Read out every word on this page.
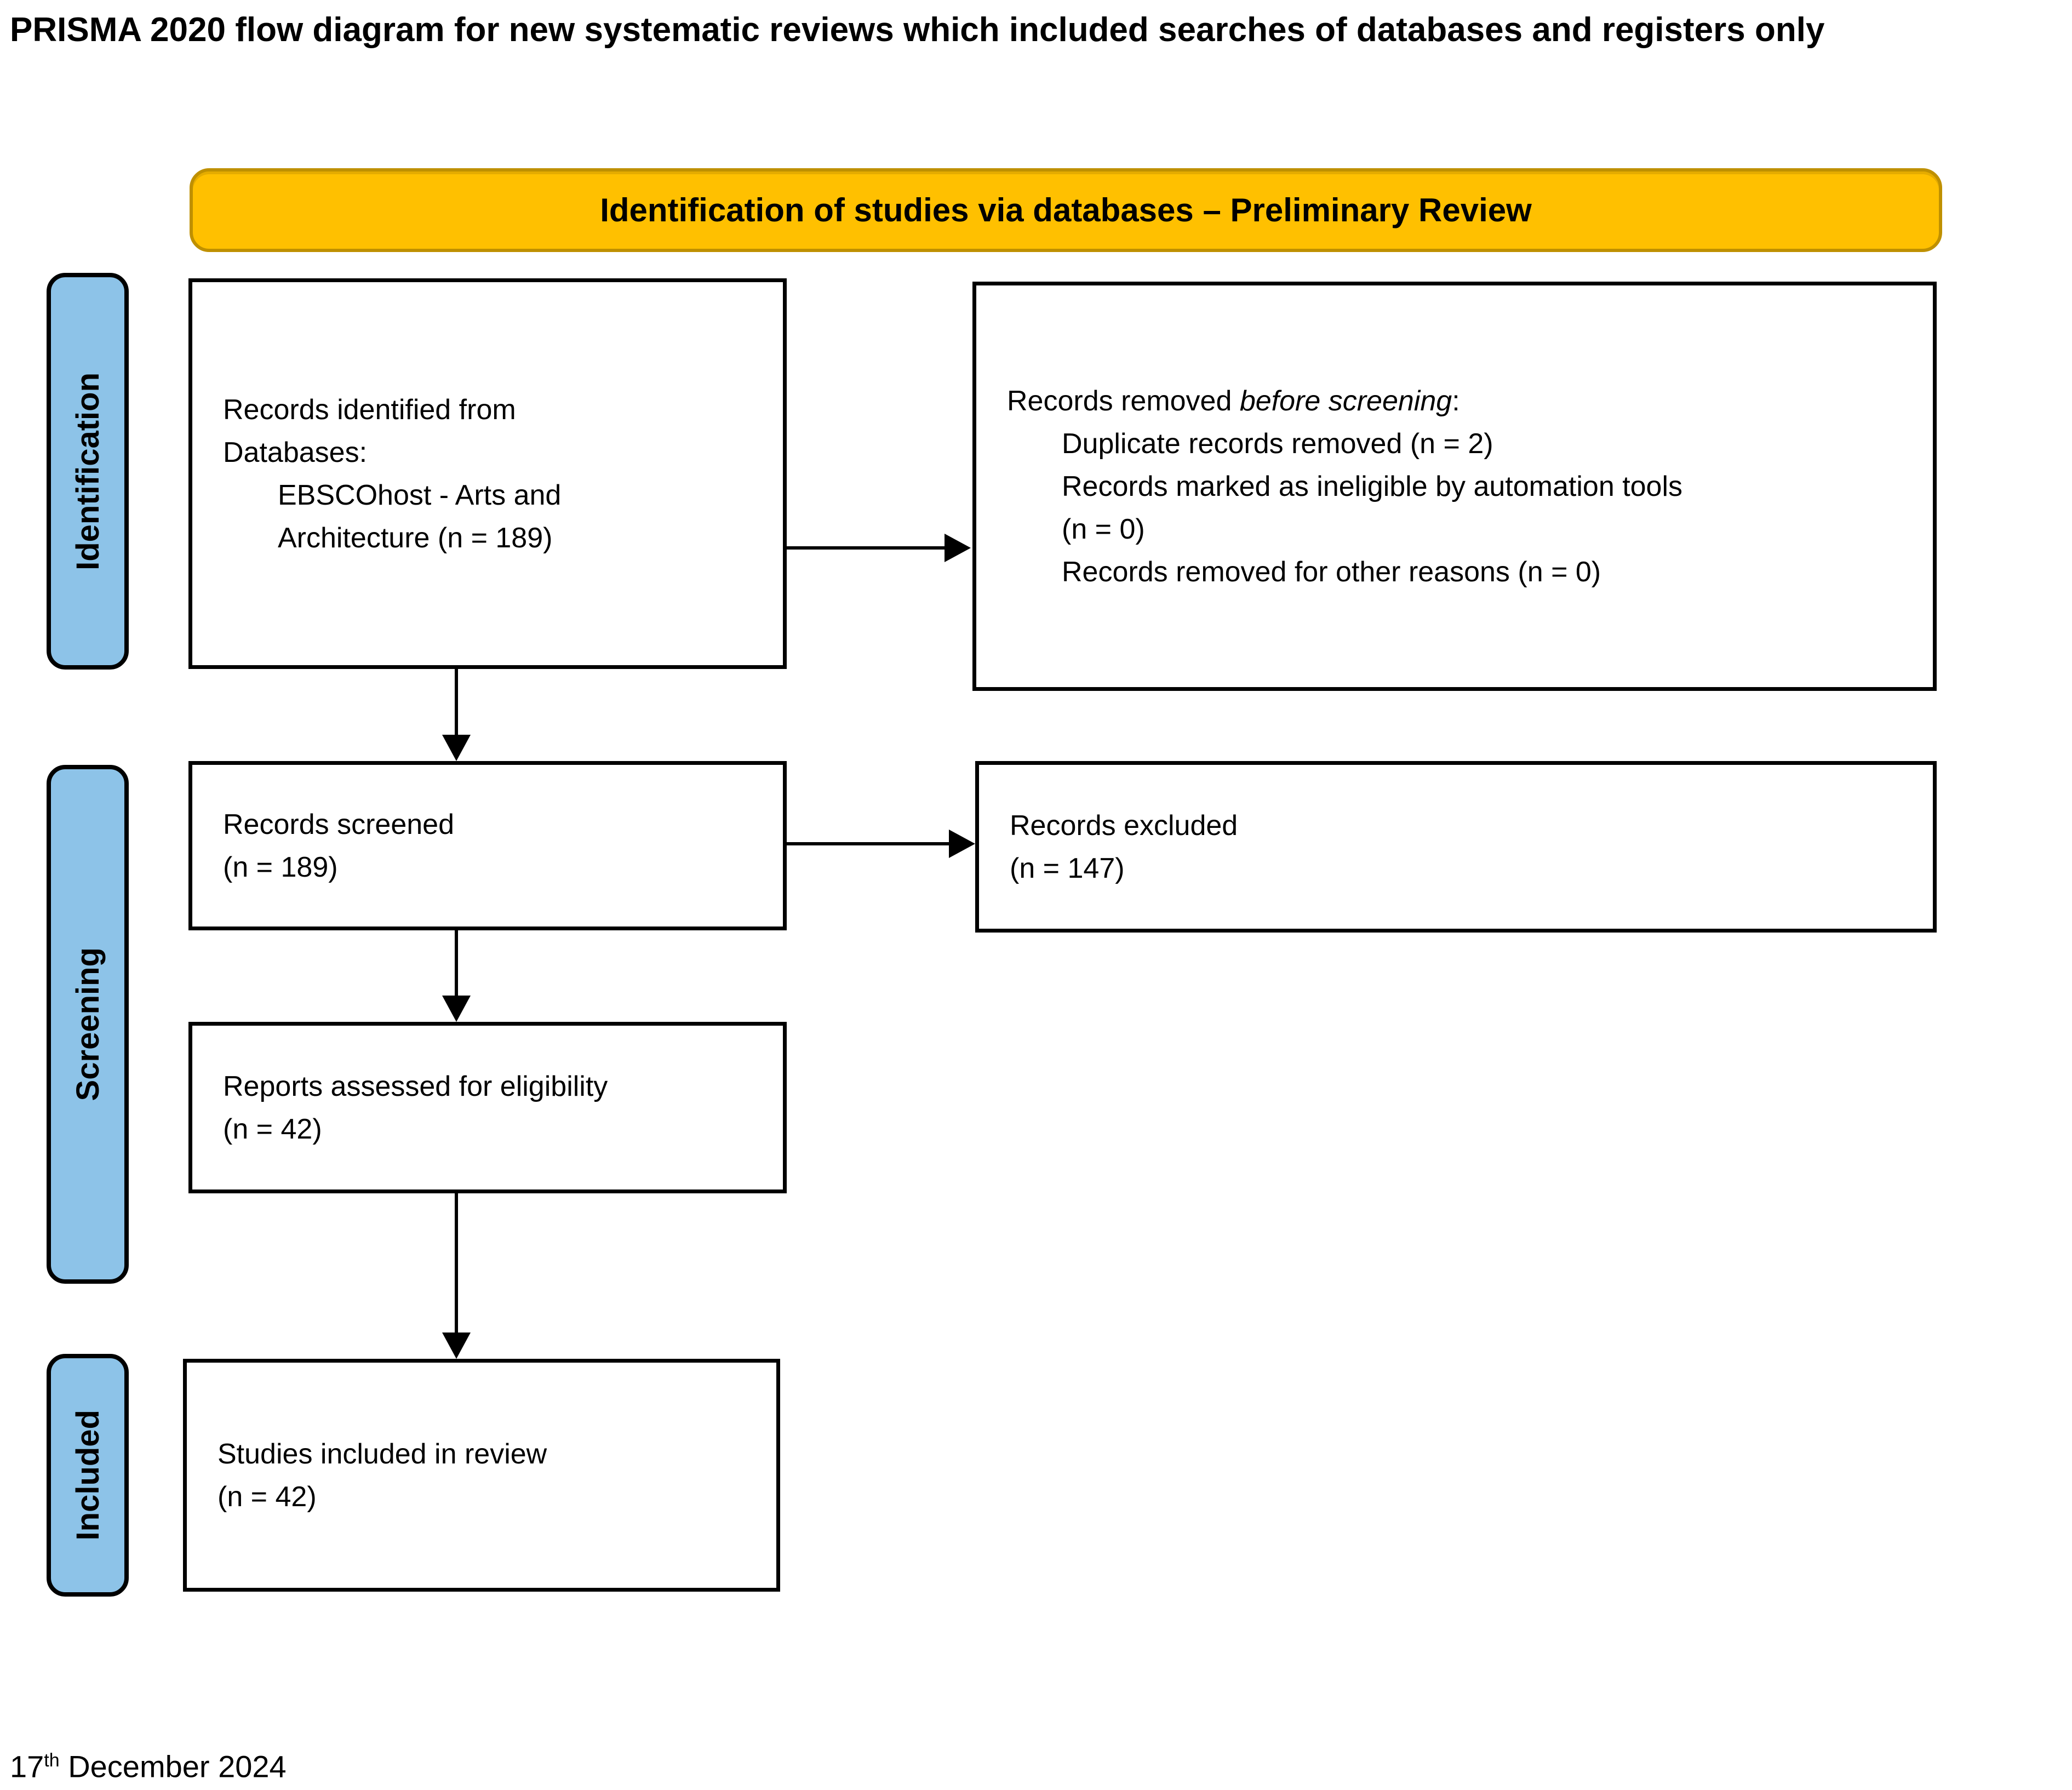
PRISMA 2020 flow diagram for new systematic reviews which included searches of databases and registers only
Identification of studies via databases – Preliminary Review
Identification
Screening
Included
Records identified from
Databases:
EBSCOhost - Arts and
Architecture (n = 189)
Records removed before screening:
Duplicate records removed (n = 2)
Records marked as ineligible by automation tools
(n = 0)
Records removed for other reasons (n = 0)
Records screened
(n = 189)
Records excluded
(n = 147)
Reports assessed for eligibility
(n = 42)
Studies included in review
(n = 42)
17th December 2024
